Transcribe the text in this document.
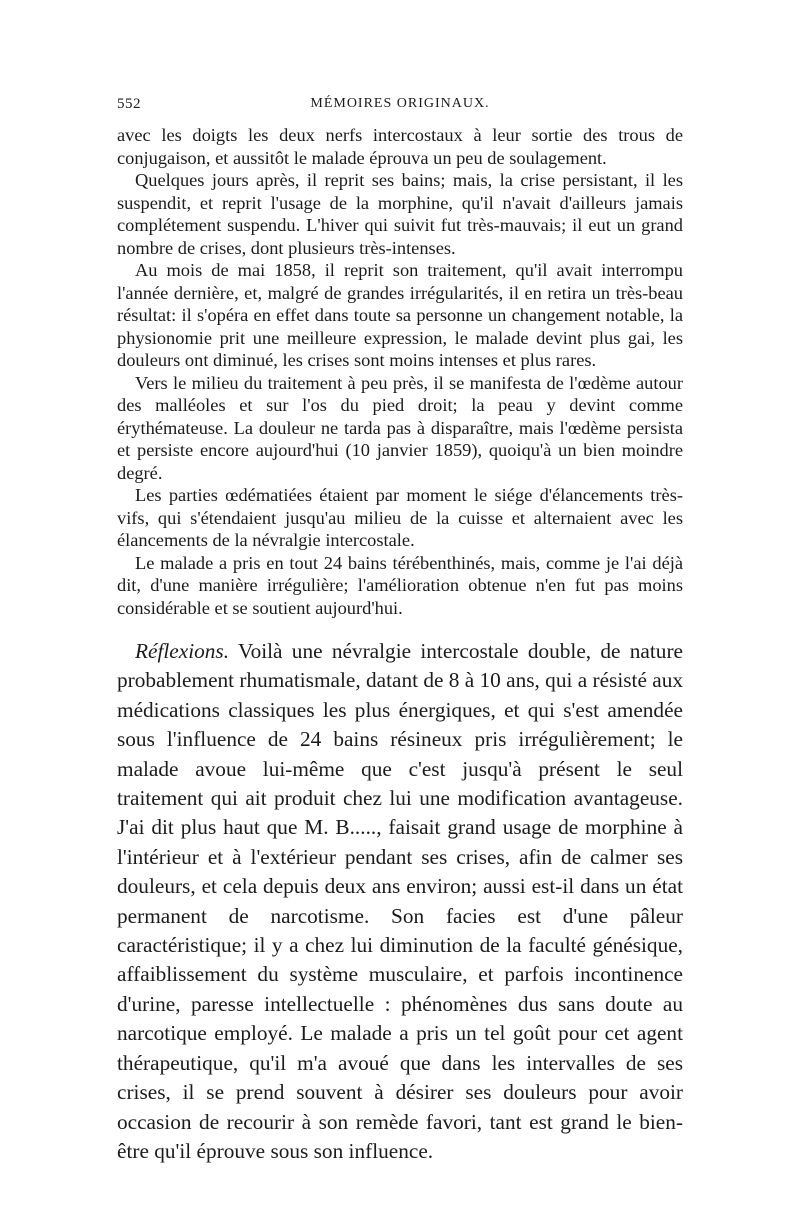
552	MÉMOIRES ORIGINAUX.

avec les doigts les deux nerfs intercostaux à leur sortie des trous de conjugaison, et aussitôt le malade éprouva un peu de soulagement.

Quelques jours après, il reprit ses bains; mais, la crise persistant, il les suspendit, et reprit l'usage de la morphine, qu'il n'avait d'ailleurs jamais complétement suspendu. L'hiver qui suivit fut très-mauvais; il eut un grand nombre de crises, dont plusieurs très-intenses.

Au mois de mai 1858, il reprit son traitement, qu'il avait interrompu l'année dernière, et, malgré de grandes irrégularités, il en retira un très-beau résultat: il s'opéra en effet dans toute sa personne un changement notable, la physionomie prit une meilleure expression, le malade devint plus gai, les douleurs ont diminué, les crises sont moins intenses et plus rares.

Vers le milieu du traitement à peu près, il se manifesta de l'œdème autour des malléoles et sur l'os du pied droit; la peau y devint comme érythémateuse. La douleur ne tarda pas à disparaître, mais l'œdème persista et persiste encore aujourd'hui (10 janvier 1859), quoiqu'à un bien moindre degré.

Les parties œdématiées étaient par moment le siége d'élancements très-vifs, qui s'étendaient jusqu'au milieu de la cuisse et alternaient avec les élancements de la névralgie intercostale.

Le malade a pris en tout 24 bains térébenthinés, mais, comme je l'ai déjà dit, d'une manière irrégulière; l'amélioration obtenue n'en fut pas moins considérable et se soutient aujourd'hui.

Réflexions. Voilà une névralgie intercostale double, de nature probablement rhumatismale, datant de 8 à 10 ans, qui a résisté aux médications classiques les plus énergiques, et qui s'est amendée sous l'influence de 24 bains résineux pris irrégulièrement; le malade avoue lui-même que c'est jusqu'à présent le seul traitement qui ait produit chez lui une modification avantageuse. J'ai dit plus haut que M. B....., faisait grand usage de morphine à l'intérieur et à l'extérieur pendant ses crises, afin de calmer ses douleurs, et cela depuis deux ans environ; aussi est-il dans un état permanent de narcotisme. Son facies est d'une pâleur caractéristique; il y a chez lui diminution de la faculté génésique, affaiblissement du système musculaire, et parfois incontinence d'urine, paresse intellectuelle : phénomènes dus sans doute au narcotique employé. Le malade a pris un tel goût pour cet agent thérapeutique, qu'il m'a avoué que dans les intervalles de ses crises, il se prend souvent à désirer ses douleurs pour avoir occasion de recourir à son remède favori, tant est grand le bien-être qu'il éprouve sous son influence.
